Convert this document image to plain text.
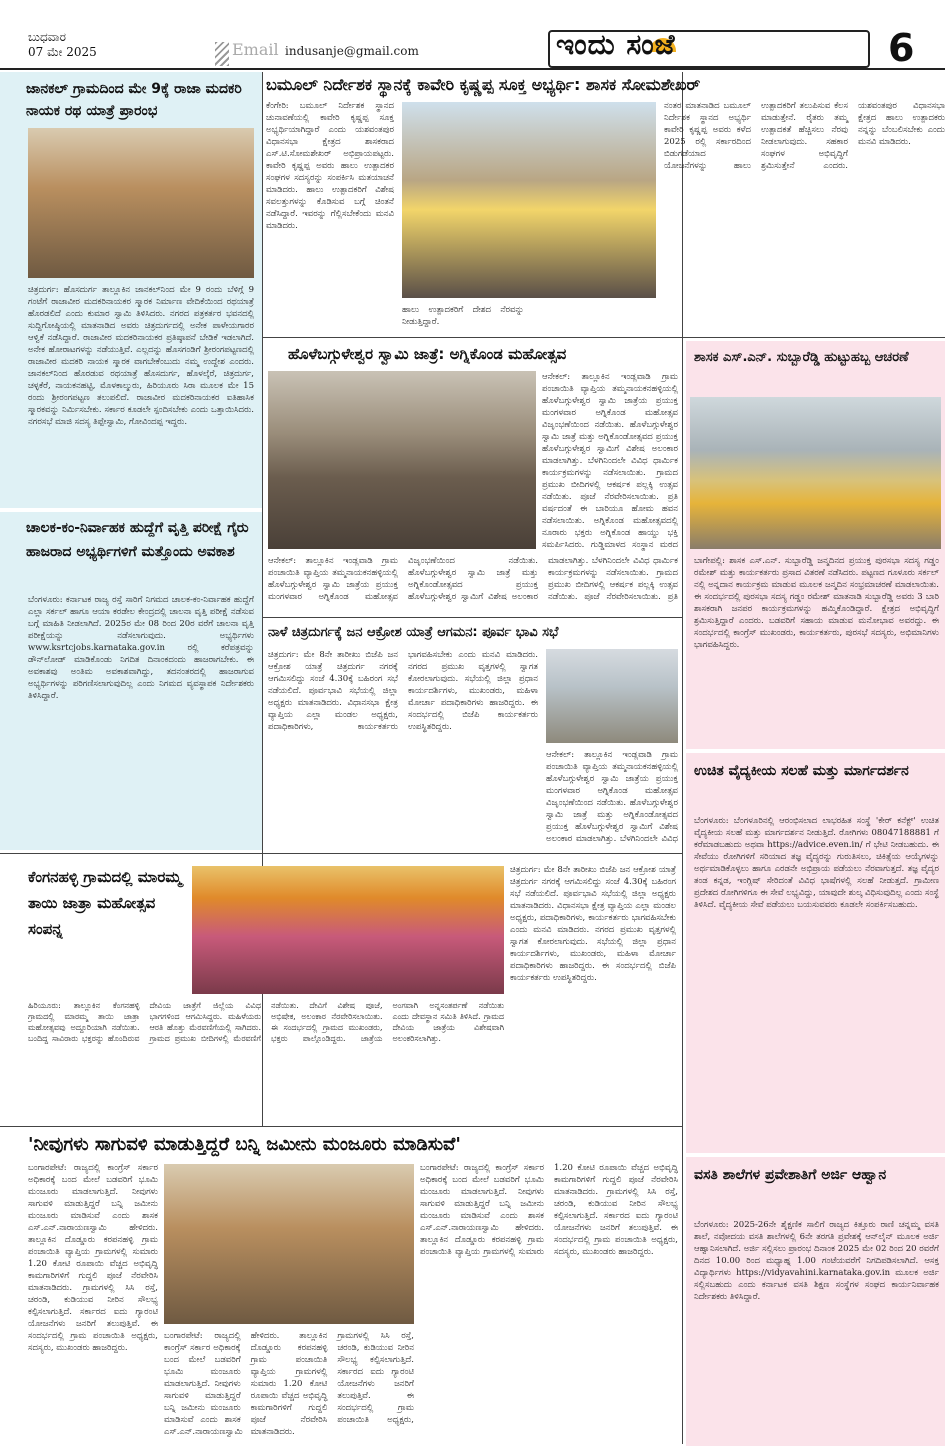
ಬುಧವಾರ
07 ಮೇ 2025	Email indusanje@gmail.com	ಇಂದು ಸಂಜೆ	6
ಜಾನಕಲ್ ಗ್ರಾಮದಿಂದ ಮೇ 9ಕ್ಕೆ ರಾಜಾ ಮದಕರಿ ನಾಯಕ ರಥ ಯಾತ್ರೆ ಪ್ರಾರಂಭ
ಚಿತ್ರದುರ್ಗ: ಹೊಸದುರ್ಗ ತಾಲ್ಲೂಕಿನ ಜಾನಕಲ್‌ನಿಂದ ಮೇ 9 ರಂದು ಬೆಳಿಗ್ಗೆ 9 ಗಂಟೆಗೆ ರಾಜಾವೀರ ಮದಕರಿನಾಯಕರ ಸ್ಮಾರಕ ನಿರ್ಮಾಣ ವೇದಿಕೆಯಿಂದ ರಥಯಾತ್ರೆ ಹೊರಡಲಿದೆ ಎಂದು ಕುಮಾರ ಸ್ವಾಮಿ ತಿಳಿಸಿದರು. ನಗರದ ಪತ್ರಕರ್ತರ ಭವನದಲ್ಲಿ ಸುದ್ದಿಗೋಷ್ಠಿಯಲ್ಲಿ ಮಾತನಾಡಿದ ಅವರು ಚಿತ್ರದುರ್ಗದಲ್ಲಿ ಅನೇಕ ಪಾಳೇಯಗಾರರ ಆಳ್ವಿಕೆ ನಡೆಸಿದ್ದಾರೆ. ರಾಜಾವೀರ ಮದಕರಿನಾಯಕರ ಪ್ರತಿಷ್ಠಾಪನೆ ಬೇಡಿಕೆ ಇಡಲಾಗಿದೆ. ಅನೇಕ ಹೋರಾಟಗಳನ್ನು ನಡೆಯುತ್ತಿವೆ. ಎಲ್ಲದನ್ನು ಹೊಸಗಂಡಿಗೆ ಶ್ರೀರಂಗಪಟ್ಟಣದಲ್ಲಿ ರಾಜಾವೀರ ಮದಕರಿ ನಾಯಕ ಸ್ಮಾರಕ ವಾಗಬೇಕೆಂಬುದು ನಮ್ಮ ಉದ್ದೇಶ ಎಂದರು. ಜಾನಕಲ್‌ನಿಂದ ಹೊರಡುವ ರಥಯಾತ್ರೆ ಹೊಸದುರ್ಗ, ಹೊಳಲ್ಕೆರೆ, ಚಿತ್ರದುರ್ಗ, ಚಳ್ಳಕೆರೆ, ನಾಯಕನಹಟ್ಟಿ, ಮೊಳಕಾಲ್ಮುರು, ಹಿರಿಯೂರು ಸಿರಾ ಮೂಲಕ ಮೇ 15 ರಂದು ಶ್ರೀರಂಗಪಟ್ಟಣ ತಲುಪಲಿದೆ. ರಾಜಾವೀರ ಮದಕರಿನಾಯಕರ ಐತಿಹಾಸಿಕ ಸ್ಮಾರಕವನ್ನು ನಿರ್ಮಿಸಬೇಕು. ಸರ್ಕಾರ ಕೂಡಲೇ ಸ್ಪಂದಿಸಬೇಕು ಎಂದು ಒತ್ತಾಯಿಸಿದರು. ನಗರಸಭೆ ಮಾಜಿ ಸದಸ್ಯ ತಿಪ್ಪೇಸ್ವಾಮಿ, ಗೋವಿಂದಪ್ಪ ಇದ್ದರು.
ಚಾಲಕ-ಕಂ-ನಿರ್ವಾಹಕ ಹುದ್ದೆಗೆ ವೃತ್ತಿ ಪರೀಕ್ಷೆ ಗೈರು ಹಾಜರಾದ ಅಭ್ಯರ್ಥಿಗಳಿಗೆ ಮತ್ತೊಂದು ಅವಕಾಶ
ಬೆಂಗಳೂರು: ಕರ್ನಾಟಕ ರಾಜ್ಯ ರಸ್ತೆ ಸಾರಿಗೆ ನಿಗಮದ ಚಾಲಕ-ಕಂ-ನಿರ್ವಾಹಕ ಹುದ್ದೆಗೆ ಎಲ್ಲಾ ಸರ್ಕಲ್ ಹಾಗೂ ಆಯಾ ಕರಡೇಲ ಕೇಂದ್ರದಲ್ಲಿ ಚಾಲನಾ ವೃತ್ತಿ ಪರೀಕ್ಷೆ ನಡೆಸುವ ಬಗ್ಗೆ ಮಾಹಿತಿ ನೀಡಲಾಗಿದೆ. 2025ರ ಮೇ 08 ರಿಂದ 20ರ ವರೆಗೆ ಚಾಲನಾ ವೃತ್ತಿ ಪರೀಕ್ಷೆಯನ್ನು ನಡೆಸಲಾಗುವುದು. ಅಭ್ಯರ್ಥಿಗಳು www.ksrtcjobs.karnataka.gov.in ರಲ್ಲಿ ಕರೆಪತ್ರವನ್ನು ಡೌನ್‌ಲೋಡ್ ಮಾಡಿಕೊಂಡು ನಿಗದಿತ ದಿನಾಂಕದಂದು ಹಾಜರಾಗಬೇಕು. ಈ ಅವಕಾಶವು ಅಂತಿಮ ಅವಕಾಶವಾಗಿದ್ದು, ತದನಂತರದಲ್ಲಿ ಹಾಜರಾಗುವ ಅಭ್ಯರ್ಥಿಗಳನ್ನು ಪರಿಗಣಿಸಲಾಗುವುದಿಲ್ಲ ಎಂದು ನಿಗಮದ ವ್ಯವಸ್ಥಾಪಕ ನಿರ್ದೇಶಕರು ತಿಳಿಸಿದ್ದಾರೆ.
ಕೆಂಗನಹಳ್ಳಿ ಗ್ರಾಮದಲ್ಲಿ ಮಾರಮ್ಮ ತಾಯಿ ಜಾತ್ರಾ ಮಹೋತ್ಸವ ಸಂಪನ್ನ
ಹಿರಿಯೂರು: ತಾಲ್ಲೂಕಿನ ಕೆಂಗನಹಳ್ಳಿ ಗ್ರಾಮದಲ್ಲಿ ಮಾರಮ್ಮ ತಾಯಿ ಜಾತ್ರಾ ಮಹೋತ್ಸವವು ಅದ್ದೂರಿಯಾಗಿ ನಡೆಯಿತು. ಬಂದಿದ್ದ ಸಾವಿರಾರು ಭಕ್ತರನ್ನು ಹೊಂದಿರುವ ದೇವಿಯ ಜಾತ್ರೆಗೆ ಜಿಲ್ಲೆಯ ವಿವಿಧ ಭಾಗಗಳಿಂದ ಆಗಮಿಸಿದ್ದರು. ಮಹಿಳೆಯರು ಆರತಿ ಹೊತ್ತು ಮೆರವಣಿಗೆಯಲ್ಲಿ ಸಾಗಿದರು. ಗ್ರಾಮದ ಪ್ರಮುಖ ಬೀದಿಗಳಲ್ಲಿ ಮೆರವಣಿಗೆ ನಡೆಯಿತು. ದೇವಿಗೆ ವಿಶೇಷ ಪೂಜೆ, ಅಭಿಷೇಕ, ಅಲಂಕಾರ ನೆರವೇರಿಸಲಾಯಿತು. ಈ ಸಂದರ್ಭದಲ್ಲಿ ಗ್ರಾಮದ ಮುಖಂಡರು, ಭಕ್ತರು ಪಾಲ್ಗೊಂಡಿದ್ದರು. ಜಾತ್ರೆಯ ಅಂಗವಾಗಿ ಅನ್ನಸಂತರ್ಪಣೆ ನಡೆಯಿತು ಎಂದು ದೇವಸ್ಥಾನ ಸಮಿತಿ ತಿಳಿಸಿದೆ. ಗ್ರಾಮದ ದೇವಿಯ ಜಾತ್ರೆಯ ವಿಶೇಷವಾಗಿ ಅಲಂಕರಿಸಲಾಗಿತ್ತು.
ಚಿತ್ರದುರ್ಗ: ಮೇ 8ನೇ ತಾರೀಖು ಬಿಜೆಪಿ ಜನ ಆಕ್ರೋಶ ಯಾತ್ರೆ ಚಿತ್ರದುರ್ಗ ನಗರಕ್ಕೆ ಆಗಮಿಸಲಿದ್ದು ಸಂಜೆ 4.30ಕ್ಕೆ ಬಹಿರಂಗ ಸಭೆ ನಡೆಯಲಿದೆ. ಪೂರ್ವಭಾವಿ ಸಭೆಯಲ್ಲಿ ಜಿಲ್ಲಾ ಅಧ್ಯಕ್ಷರು ಮಾತನಾಡಿದರು. ವಿಧಾನಸಭಾ ಕ್ಷೇತ್ರ ವ್ಯಾಪ್ತಿಯ ಎಲ್ಲಾ ಮಂಡಲ ಅಧ್ಯಕ್ಷರು, ಪದಾಧಿಕಾರಿಗಳು, ಕಾರ್ಯಕರ್ತರು ಭಾಗವಹಿಸಬೇಕು ಎಂದು ಮನವಿ ಮಾಡಿದರು. ನಗರದ ಪ್ರಮುಖ ವೃತ್ತಗಳಲ್ಲಿ ಸ್ವಾಗತ ಕೋರಲಾಗುವುದು. ಸಭೆಯಲ್ಲಿ ಜಿಲ್ಲಾ ಪ್ರಧಾನ ಕಾರ್ಯದರ್ಶಿಗಳು, ಮುಖಂಡರು, ಮಹಿಳಾ ಮೋರ್ಚಾ ಪದಾಧಿಕಾರಿಗಳು ಹಾಜರಿದ್ದರು. ಈ ಸಂದರ್ಭದಲ್ಲಿ ಬಿಜೆಪಿ ಕಾರ್ಯಕರ್ತರು ಉಪಸ್ಥಿತರಿದ್ದರು.
ಬಮೂಲ್ ನಿರ್ದೇಶಕ ಸ್ಥಾನಕ್ಕೆ ಕಾವೇರಿ ಕೃಷ್ಣಪ್ಪ ಸೂಕ್ತ ಅಭ್ಯರ್ಥಿ: ಶಾಸಕ ಸೋಮಶೇಖರ್
ಕೆಂಗೇರಿ: ಬಮೂಲ್ ನಿರ್ದೇಶಕ ಸ್ಥಾನದ ಚುನಾವಣೆಯಲ್ಲಿ ಕಾವೇರಿ ಕೃಷ್ಣಪ್ಪ ಸೂಕ್ತ ಅಭ್ಯರ್ಥಿಯಾಗಿದ್ದಾರೆ ಎಂದು ಯಶವಂತಪುರ ವಿಧಾನಸಭಾ ಕ್ಷೇತ್ರದ ಶಾಸಕರಾದ ಎಸ್.ಟಿ.ಸೋಮಶೇಖರ್ ಅಭಿಪ್ರಾಯಪಟ್ಟರು. ಕಾವೇರಿ ಕೃಷ್ಣಪ್ಪ ಅವರು ಹಾಲು ಉತ್ಪಾದಕರ ಸಂಘಗಳ ಸದಸ್ಯರನ್ನು ಸಂಪರ್ಕಿಸಿ ಮತಯಾಚನೆ ಮಾಡಿದರು. ಹಾಲು ಉತ್ಪಾದಕರಿಗೆ ವಿಶೇಷ ಸವಲತ್ತುಗಳನ್ನು ಕೊಡಿಸುವ ಬಗ್ಗೆ ಚಿಂತನೆ ನಡೆಸಿದ್ದಾರೆ. ಇವರನ್ನು ಗೆಲ್ಲಿಸಬೇಕೆಂದು ಮನವಿ ಮಾಡಿದರು.
ಹಾಲು ಉತ್ಪಾದಕರಿಗೆ ದೇಶದ ನೆರವನ್ನು ನೀಡುತ್ತಿದ್ದಾರೆ.
ನಂತರ ಮಾತನಾಡಿದ ಬಮೂಲ್ ನಿರ್ದೇಶಕ ಸ್ಥಾನದ ಅಭ್ಯರ್ಥಿ ಕಾವೇರಿ ಕೃಷ್ಣಪ್ಪ ಅವರು ಕಳೆದ 2025 ರಲ್ಲಿ ಸರ್ಕಾರದಿಂದ ಬಿಡುಗಡೆಯಾದ ಯೋಜನೆಗಳನ್ನು ಹಾಲು ಉತ್ಪಾದಕರಿಗೆ ತಲುಪಿಸುವ ಕೆಲಸ ಮಾಡುತ್ತೇನೆ. ರೈತರು ತಮ್ಮ ಉತ್ಪಾದಕತೆ ಹೆಚ್ಚಿಸಲು ನೆರವು ನೀಡಲಾಗುವುದು. ಸಹಕಾರ ಸಂಘಗಳ ಅಭಿವೃದ್ಧಿಗೆ ಶ್ರಮಿಸುತ್ತೇನೆ ಎಂದರು. ಯಶವಂತಪುರ ವಿಧಾನಸಭಾ ಕ್ಷೇತ್ರದ ಹಾಲು ಉತ್ಪಾದಕರು ನನ್ನನ್ನು ಬೆಂಬಲಿಸಬೇಕು ಎಂದು ಮನವಿ ಮಾಡಿದರು.
ಹೊಳೆಬಗ್ಗುಳೇಶ್ವರ ಸ್ವಾಮಿ ಜಾತ್ರೆ: ಅಗ್ನಿಕೊಂಡ ಮಹೋತ್ಸವ
ಆನೇಕಲ್: ತಾಲ್ಲೂಕಿನ ಇಂಡ್ಲವಾಡಿ ಗ್ರಾಮ ಪಂಚಾಯಿತಿ ವ್ಯಾಪ್ತಿಯ ತಮ್ಮನಾಯಕನಹಳ್ಳಿಯಲ್ಲಿ ಹೊಳೆಬಗ್ಗುಳೇಶ್ವರ ಸ್ವಾಮಿ ಜಾತ್ರೆಯ ಪ್ರಯುಕ್ತ ಮಂಗಳವಾರ ಅಗ್ನಿಕೊಂಡ ಮಹೋತ್ಸವ ವಿಜೃಂಭಣೆಯಿಂದ ನಡೆಯಿತು. ಹೊಳೆಬಗ್ಗುಳೇಶ್ವರ ಸ್ವಾಮಿ ಜಾತ್ರೆ ಮತ್ತು ಅಗ್ನಿಕೊಂಡೋತ್ಸವದ ಪ್ರಯುಕ್ತ ಹೊಳೆಬಗ್ಗುಳೇಶ್ವರ ಸ್ವಾಮಿಗೆ ವಿಶೇಷ ಅಲಂಕಾರ ಮಾಡಲಾಗಿತ್ತು. ಬೆಳಗಿನಿಂದಲೇ ವಿವಿಧ ಧಾರ್ಮಿಕ ಕಾರ್ಯಕ್ರಮಗಳನ್ನು ನಡೆಸಲಾಯಿತು. ಗ್ರಾಮದ ಪ್ರಮುಖ ಬೀದಿಗಳಲ್ಲಿ ಆಕರ್ಷಕ ಪಲ್ಲಕ್ಕಿ ಉತ್ಸವ ನಡೆಯಿತು. ಪೂಜೆ ನೆರವೇರಿಸಲಾಯಿತು. ಪ್ರತಿ ವರ್ಷದಂತೆ ಈ ಬಾರಿಯೂ ಹೋಮ ಹವನ ನಡೆಸಲಾಯಿತು. ಅಗ್ನಿಕೊಂಡ ಮಹೋತ್ಸವದಲ್ಲಿ ನೂರಾರು ಭಕ್ತರು ಅಗ್ನಿಕೊಂಡ ಹಾಯ್ದು ಭಕ್ತಿ ಸಮರ್ಪಿಸಿದರು. ಗುಡ್ಡಿಮಾಳದ ಸಂಸ್ಥಾನ ಮಠದ
ಆನೇಕಲ್: ತಾಲ್ಲೂಕಿನ ಇಂಡ್ಲವಾಡಿ ಗ್ರಾಮ ಪಂಚಾಯಿತಿ ವ್ಯಾಪ್ತಿಯ ತಮ್ಮನಾಯಕನಹಳ್ಳಿಯಲ್ಲಿ ಹೊಳೆಬಗ್ಗುಳೇಶ್ವರ ಸ್ವಾಮಿ ಜಾತ್ರೆಯ ಪ್ರಯುಕ್ತ ಮಂಗಳವಾರ ಅಗ್ನಿಕೊಂಡ ಮಹೋತ್ಸವ ವಿಜೃಂಭಣೆಯಿಂದ ನಡೆಯಿತು. ಹೊಳೆಬಗ್ಗುಳೇಶ್ವರ ಸ್ವಾಮಿ ಜಾತ್ರೆ ಮತ್ತು ಅಗ್ನಿಕೊಂಡೋತ್ಸವದ ಪ್ರಯುಕ್ತ ಹೊಳೆಬಗ್ಗುಳೇಶ್ವರ ಸ್ವಾಮಿಗೆ ವಿಶೇಷ ಅಲಂಕಾರ ಮಾಡಲಾಗಿತ್ತು. ಬೆಳಗಿನಿಂದಲೇ ವಿವಿಧ ಧಾರ್ಮಿಕ ಕಾರ್ಯಕ್ರಮಗಳನ್ನು ನಡೆಸಲಾಯಿತು. ಗ್ರಾಮದ ಪ್ರಮುಖ ಬೀದಿಗಳಲ್ಲಿ ಆಕರ್ಷಕ ಪಲ್ಲಕ್ಕಿ ಉತ್ಸವ ನಡೆಯಿತು. ಪೂಜೆ ನೆರವೇರಿಸಲಾಯಿತು. ಪ್ರತಿ
ನಾಳೆ ಚಿತ್ರದುರ್ಗಕ್ಕೆ ಜನ ಆಕ್ರೋಶ ಯಾತ್ರೆ ಆಗಮನ: ಪೂರ್ವ ಭಾವಿ ಸಭೆ
ಚಿತ್ರದುರ್ಗ: ಮೇ 8ನೇ ತಾರೀಖು ಬಿಜೆಪಿ ಜನ ಆಕ್ರೋಶ ಯಾತ್ರೆ ಚಿತ್ರದುರ್ಗ ನಗರಕ್ಕೆ ಆಗಮಿಸಲಿದ್ದು ಸಂಜೆ 4.30ಕ್ಕೆ ಬಹಿರಂಗ ಸಭೆ ನಡೆಯಲಿದೆ. ಪೂರ್ವಭಾವಿ ಸಭೆಯಲ್ಲಿ ಜಿಲ್ಲಾ ಅಧ್ಯಕ್ಷರು ಮಾತನಾಡಿದರು. ವಿಧಾನಸಭಾ ಕ್ಷೇತ್ರ ವ್ಯಾಪ್ತಿಯ ಎಲ್ಲಾ ಮಂಡಲ ಅಧ್ಯಕ್ಷರು, ಪದಾಧಿಕಾರಿಗಳು, ಕಾರ್ಯಕರ್ತರು ಭಾಗವಹಿಸಬೇಕು ಎಂದು ಮನವಿ ಮಾಡಿದರು. ನಗರದ ಪ್ರಮುಖ ವೃತ್ತಗಳಲ್ಲಿ ಸ್ವಾಗತ ಕೋರಲಾಗುವುದು. ಸಭೆಯಲ್ಲಿ ಜಿಲ್ಲಾ ಪ್ರಧಾನ ಕಾರ್ಯದರ್ಶಿಗಳು, ಮುಖಂಡರು, ಮಹಿಳಾ ಮೋರ್ಚಾ ಪದಾಧಿಕಾರಿಗಳು ಹಾಜರಿದ್ದರು. ಈ ಸಂದರ್ಭದಲ್ಲಿ ಬಿಜೆಪಿ ಕಾರ್ಯಕರ್ತರು ಉಪಸ್ಥಿತರಿದ್ದರು.
ಆನೇಕಲ್: ತಾಲ್ಲೂಕಿನ ಇಂಡ್ಲವಾಡಿ ಗ್ರಾಮ ಪಂಚಾಯಿತಿ ವ್ಯಾಪ್ತಿಯ ತಮ್ಮನಾಯಕನಹಳ್ಳಿಯಲ್ಲಿ ಹೊಳೆಬಗ್ಗುಳೇಶ್ವರ ಸ್ವಾಮಿ ಜಾತ್ರೆಯ ಪ್ರಯುಕ್ತ ಮಂಗಳವಾರ ಅಗ್ನಿಕೊಂಡ ಮಹೋತ್ಸವ ವಿಜೃಂಭಣೆಯಿಂದ ನಡೆಯಿತು. ಹೊಳೆಬಗ್ಗುಳೇಶ್ವರ ಸ್ವಾಮಿ ಜಾತ್ರೆ ಮತ್ತು ಅಗ್ನಿಕೊಂಡೋತ್ಸವದ ಪ್ರಯುಕ್ತ ಹೊಳೆಬಗ್ಗುಳೇಶ್ವರ ಸ್ವಾಮಿಗೆ ವಿಶೇಷ ಅಲಂಕಾರ ಮಾಡಲಾಗಿತ್ತು. ಬೆಳಗಿನಿಂದಲೇ ವಿವಿಧ
'ನೀವುಗಳು ಸಾಗುವಳಿ ಮಾಡುತ್ತಿದ್ದರೆ ಬನ್ನಿ ಜಮೀನು ಮಂಜೂರು ಮಾಡಿಸುವೆ'
ಬಂಗಾರಪೇಟೆ: ರಾಜ್ಯದಲ್ಲಿ ಕಾಂಗ್ರೆಸ್ ಸರ್ಕಾರ ಅಧಿಕಾರಕ್ಕೆ ಬಂದ ಮೇಲೆ ಬಡವರಿಗೆ ಭೂಮಿ ಮಂಜೂರು ಮಾಡಲಾಗುತ್ತಿದೆ. ನೀವುಗಳು ಸಾಗುವಳಿ ಮಾಡುತ್ತಿದ್ದರೆ ಬನ್ನಿ ಜಮೀನು ಮಂಜೂರು ಮಾಡಿಸುವೆ ಎಂದು ಶಾಸಕ ಎಸ್.ಎನ್.ನಾರಾಯಣಸ್ವಾಮಿ ಹೇಳಿದರು. ತಾಲ್ಲೂಕಿನ ದೊಡ್ಡೂರು ಕರಪನಹಳ್ಳಿ ಗ್ರಾಮ ಪಂಚಾಯಿತಿ ವ್ಯಾಪ್ತಿಯ ಗ್ರಾಮಗಳಲ್ಲಿ ಸುಮಾರು 1.20 ಕೋಟಿ ರೂಪಾಯಿ ವೆಚ್ಚದ ಅಭಿವೃದ್ಧಿ ಕಾಮಗಾರಿಗಳಿಗೆ ಗುದ್ದಲಿ ಪೂಜೆ ನೆರವೇರಿಸಿ ಮಾತನಾಡಿದರು. ಗ್ರಾಮಗಳಲ್ಲಿ ಸಿಸಿ ರಸ್ತೆ, ಚರಂಡಿ, ಕುಡಿಯುವ ನೀರಿನ ಸೌಲಭ್ಯ ಕಲ್ಪಿಸಲಾಗುತ್ತಿದೆ. ಸರ್ಕಾರದ ಐದು ಗ್ಯಾರಂಟಿ ಯೋಜನೆಗಳು ಜನರಿಗೆ ತಲುಪುತ್ತಿವೆ. ಈ ಸಂದರ್ಭದಲ್ಲಿ ಗ್ರಾಮ ಪಂಚಾಯಿತಿ ಅಧ್ಯಕ್ಷರು, ಸದಸ್ಯರು, ಮುಖಂಡರು ಹಾಜರಿದ್ದರು.
ಬಂಗಾರಪೇಟೆ: ರಾಜ್ಯದಲ್ಲಿ ಕಾಂಗ್ರೆಸ್ ಸರ್ಕಾರ ಅಧಿಕಾರಕ್ಕೆ ಬಂದ ಮೇಲೆ ಬಡವರಿಗೆ ಭೂಮಿ ಮಂಜೂರು ಮಾಡಲಾಗುತ್ತಿದೆ. ನೀವುಗಳು ಸಾಗುವಳಿ ಮಾಡುತ್ತಿದ್ದರೆ ಬನ್ನಿ ಜಮೀನು ಮಂಜೂರು ಮಾಡಿಸುವೆ ಎಂದು ಶಾಸಕ ಎಸ್.ಎನ್.ನಾರಾಯಣಸ್ವಾಮಿ ಹೇಳಿದರು. ತಾಲ್ಲೂಕಿನ ದೊಡ್ಡೂರು ಕರಪನಹಳ್ಳಿ ಗ್ರಾಮ ಪಂಚಾಯಿತಿ ವ್ಯಾಪ್ತಿಯ ಗ್ರಾಮಗಳಲ್ಲಿ ಸುಮಾರು 1.20 ಕೋಟಿ ರೂಪಾಯಿ ವೆಚ್ಚದ ಅಭಿವೃದ್ಧಿ ಕಾಮಗಾರಿಗಳಿಗೆ ಗುದ್ದಲಿ ಪೂಜೆ ನೆರವೇರಿಸಿ ಮಾತನಾಡಿದರು. ಗ್ರಾಮಗಳಲ್ಲಿ ಸಿಸಿ ರಸ್ತೆ, ಚರಂಡಿ, ಕುಡಿಯುವ ನೀರಿನ ಸೌಲಭ್ಯ ಕಲ್ಪಿಸಲಾಗುತ್ತಿದೆ. ಸರ್ಕಾರದ ಐದು ಗ್ಯಾರಂಟಿ ಯೋಜನೆಗಳು ಜನರಿಗೆ ತಲುಪುತ್ತಿವೆ. ಈ ಸಂದರ್ಭದಲ್ಲಿ ಗ್ರಾಮ ಪಂಚಾಯಿತಿ ಅಧ್ಯಕ್ಷರು,
ಬಂಗಾರಪೇಟೆ: ರಾಜ್ಯದಲ್ಲಿ ಕಾಂಗ್ರೆಸ್ ಸರ್ಕಾರ ಅಧಿಕಾರಕ್ಕೆ ಬಂದ ಮೇಲೆ ಬಡವರಿಗೆ ಭೂಮಿ ಮಂಜೂರು ಮಾಡಲಾಗುತ್ತಿದೆ. ನೀವುಗಳು ಸಾಗುವಳಿ ಮಾಡುತ್ತಿದ್ದರೆ ಬನ್ನಿ ಜಮೀನು ಮಂಜೂರು ಮಾಡಿಸುವೆ ಎಂದು ಶಾಸಕ ಎಸ್.ಎನ್.ನಾರಾಯಣಸ್ವಾಮಿ ಹೇಳಿದರು. ತಾಲ್ಲೂಕಿನ ದೊಡ್ಡೂರು ಕರಪನಹಳ್ಳಿ ಗ್ರಾಮ ಪಂಚಾಯಿತಿ ವ್ಯಾಪ್ತಿಯ ಗ್ರಾಮಗಳಲ್ಲಿ ಸುಮಾರು 1.20 ಕೋಟಿ ರೂಪಾಯಿ ವೆಚ್ಚದ ಅಭಿವೃದ್ಧಿ ಕಾಮಗಾರಿಗಳಿಗೆ ಗುದ್ದಲಿ ಪೂಜೆ ನೆರವೇರಿಸಿ ಮಾತನಾಡಿದರು. ಗ್ರಾಮಗಳಲ್ಲಿ ಸಿಸಿ ರಸ್ತೆ, ಚರಂಡಿ, ಕುಡಿಯುವ ನೀರಿನ ಸೌಲಭ್ಯ ಕಲ್ಪಿಸಲಾಗುತ್ತಿದೆ. ಸರ್ಕಾರದ ಐದು ಗ್ಯಾರಂಟಿ ಯೋಜನೆಗಳು ಜನರಿಗೆ ತಲುಪುತ್ತಿವೆ. ಈ ಸಂದರ್ಭದಲ್ಲಿ ಗ್ರಾಮ ಪಂಚಾಯಿತಿ ಅಧ್ಯಕ್ಷರು, ಸದಸ್ಯರು, ಮುಖಂಡರು ಹಾಜರಿದ್ದರು.
ಶಾಸಕ ಎಸ್.ಎನ್. ಸುಬ್ಬಾರೆಡ್ಡಿ ಹುಟ್ಟುಹಬ್ಬ ಆಚರಣೆ
ಬಾಗೇಪಲ್ಲಿ: ಶಾಸಕ ಎಸ್.ಎನ್. ಸುಬ್ಬಾರೆಡ್ಡಿ ಜನ್ಮದಿನದ ಪ್ರಯುಕ್ತ ಪುರಸಭಾ ಸದಸ್ಯ ಗಡ್ಡಂ ರಮೇಶ್ ಮತ್ತು ಕಾರ್ಯಕರ್ತರು ಪ್ರಸಾದ ವಿತರಣೆ ನಡೆಸಿದರು. ಪಟ್ಟಣದ ಗೂಳೂರು ಸರ್ಕಲ್ ನಲ್ಲಿ ಅನ್ನದಾನ ಕಾರ್ಯಕ್ರಮ ಮಾಡುವ ಮೂಲಕ ಜನ್ಮದಿನ ಸಂಭ್ರಮಾಚರಣೆ ಮಾಡಲಾಯಿತು. ಈ ಸಂದರ್ಭದಲ್ಲಿ ಪುರಸಭಾ ಸದಸ್ಯ ಗಡ್ಡಂ ರಮೇಶ್ ಮಾತನಾಡಿ ಸುಬ್ಬಾರೆಡ್ಡಿ ಅವರು 3 ಬಾರಿ ಶಾಸಕರಾಗಿ ಜನಪರ ಕಾರ್ಯಕ್ರಮಗಳನ್ನು ಹಮ್ಮಿಕೊಂಡಿದ್ದಾರೆ. ಕ್ಷೇತ್ರದ ಅಭಿವೃದ್ಧಿಗೆ ಶ್ರಮಿಸುತ್ತಿದ್ದಾರೆ ಎಂದರು. ಬಡವರಿಗೆ ಸಹಾಯ ಮಾಡುವ ಮನೋಭಾವ ಅವರದ್ದು. ಈ ಸಂದರ್ಭದಲ್ಲಿ ಕಾಂಗ್ರೆಸ್ ಮುಖಂಡರು, ಕಾರ್ಯಕರ್ತರು, ಪುರಸಭೆ ಸದಸ್ಯರು, ಅಭಿಮಾನಿಗಳು ಭಾಗವಹಿಸಿದ್ದರು.
ಉಚಿತ ವೈದ್ಯಕೀಯ ಸಲಹೆ ಮತ್ತು ಮಾರ್ಗದರ್ಶನ
ಬೆಂಗಳೂರು: ಬೆಂಗಳೂರಿನಲ್ಲಿ ಆರಂಭಿಸಲಾದ ಲಾಭರಹಿತ ಸಂಸ್ಥೆ 'ಕೇರ್ ಕನೆಕ್ಟ್' ಉಚಿತ ವೈದ್ಯಕೀಯ ಸಲಹೆ ಮತ್ತು ಮಾರ್ಗದರ್ಶನ ನೀಡುತ್ತಿದೆ. ರೋಗಿಗಳು 08047188881 ಗೆ ಕರೆಮಾಡಬಹುದು ಅಥವಾ https://advice.even.in/ ಗೆ ಭೇಟಿ ನೀಡಬಹುದು. ಈ ಸೇವೆಯು ರೋಗಿಗಳಿಗೆ ಸರಿಯಾದ ತಜ್ಞ ವೈದ್ಯರನ್ನು ಗುರುತಿಸಲು, ಚಿಕಿತ್ಸೆಯ ಆಯ್ಕೆಗಳನ್ನು ಅರ್ಥಮಾಡಿಕೊಳ್ಳಲು ಹಾಗೂ ಎರಡನೇ ಅಭಿಪ್ರಾಯ ಪಡೆಯಲು ನೆರವಾಗುತ್ತದೆ. ತಜ್ಞ ವೈದ್ಯರ ತಂಡ ಕನ್ನಡ, ಇಂಗ್ಲಿಷ್ ಸೇರಿದಂತೆ ವಿವಿಧ ಭಾಷೆಗಳಲ್ಲಿ ಸಲಹೆ ನೀಡುತ್ತದೆ. ಗ್ರಾಮೀಣ ಪ್ರದೇಶದ ರೋಗಿಗಳಿಗೂ ಈ ಸೇವೆ ಲಭ್ಯವಿದ್ದು, ಯಾವುದೇ ಶುಲ್ಕ ವಿಧಿಸುವುದಿಲ್ಲ ಎಂದು ಸಂಸ್ಥೆ ತಿಳಿಸಿದೆ. ವೈದ್ಯಕೀಯ ಸೇವೆ ಪಡೆಯಲು ಬಯಸುವವರು ಕೂಡಲೇ ಸಂಪರ್ಕಿಸಬಹುದು.
ವಸತಿ ಶಾಲೆಗಳ ಪ್ರವೇಶಾತಿಗೆ ಅರ್ಜಿ ಆಹ್ವಾನ
ಬೆಂಗಳೂರು: 2025-26ನೇ ಶೈಕ್ಷಣಿಕ ಸಾಲಿಗೆ ರಾಜ್ಯದ ಕಿತ್ತೂರು ರಾಣಿ ಚನ್ನಮ್ಮ ವಸತಿ ಶಾಲೆ, ನವೋದಯ ವಸತಿ ಶಾಲೆಗಳಲ್ಲಿ 6ನೇ ತರಗತಿ ಪ್ರವೇಶಕ್ಕೆ ಆನ್‌ಲೈನ್ ಮೂಲಕ ಅರ್ಜಿ ಆಹ್ವಾನಿಸಲಾಗಿದೆ. ಅರ್ಜಿ ಸಲ್ಲಿಸಲು ಪ್ರಾರಂಭ ದಿನಾಂಕ 2025 ಮೇ 02 ರಿಂದ 20 ರವರೆಗೆ ದಿನದ 10.00 ರಿಂದ ಮಧ್ಯಾಹ್ನ 1.00 ಗಂಟೆಯವರೆಗೆ ನಿಗದಿಪಡಿಸಲಾಗಿದೆ. ಆಸಕ್ತ ವಿದ್ಯಾರ್ಥಿಗಳು https://vidyavahini.karnataka.gov.in ಮೂಲಕ ಅರ್ಜಿ ಸಲ್ಲಿಸಬಹುದು ಎಂದು ಕರ್ನಾಟಕ ವಸತಿ ಶಿಕ್ಷಣ ಸಂಸ್ಥೆಗಳ ಸಂಘದ ಕಾರ್ಯನಿರ್ವಾಹಕ ನಿರ್ದೇಶಕರು ತಿಳಿಸಿದ್ದಾರೆ.
